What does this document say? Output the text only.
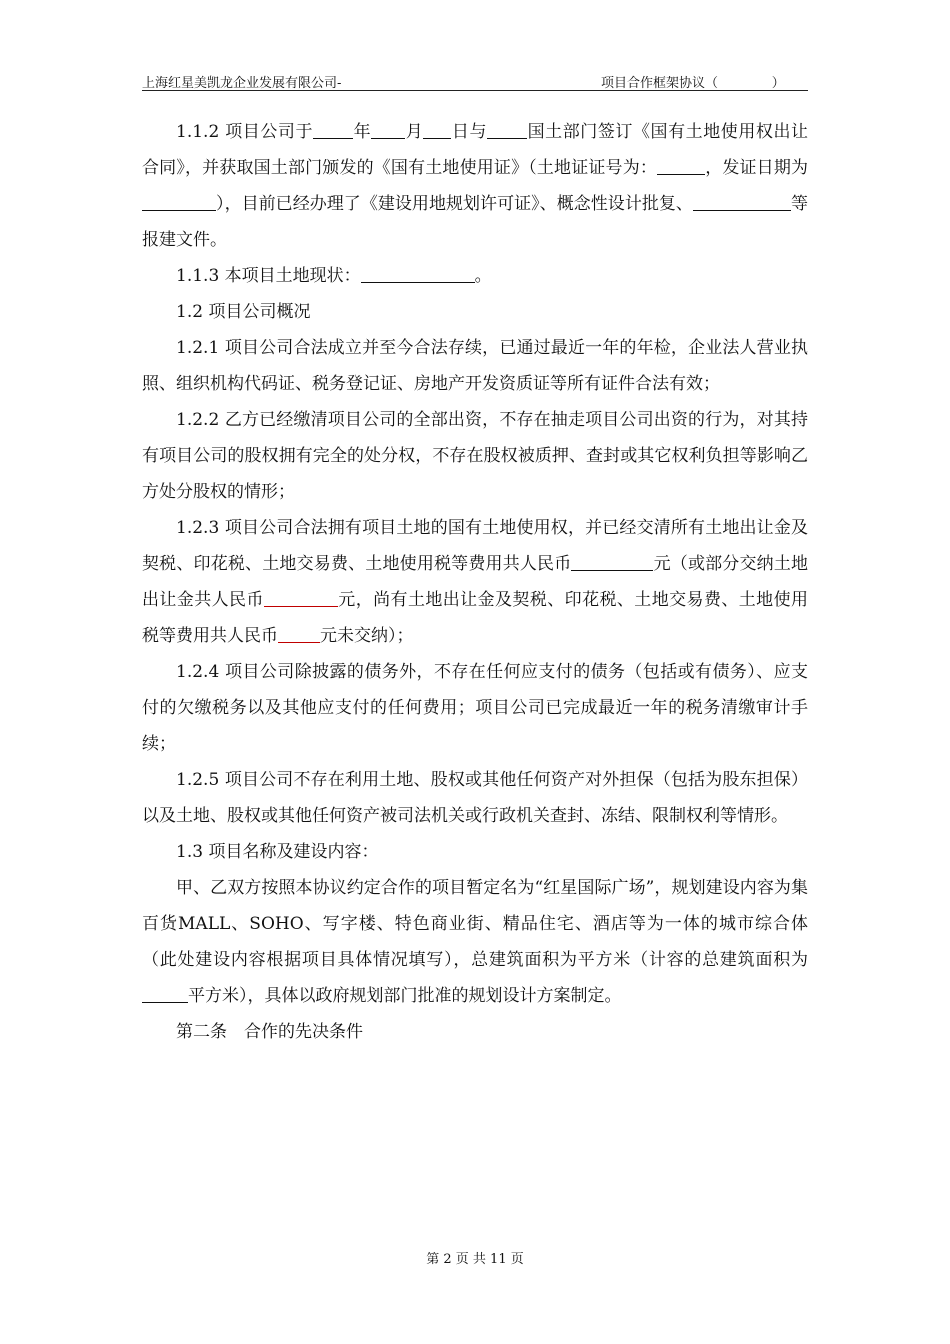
上海红星美凯龙企业发展有限公司-	项目合作框架协议（             ）

1.1.2 项目公司于 年 月 日与 国土部门签订《国有土地使用权出让合同》，并获取国土部门颁发的《国有土地使用证》（土地证证号为：	，发证日期为），目前已经办理了《建设用地规划许可证》、概念性设计批复、	等报建文件。

1.1.3 本项目土地现状：	。

1.2 项目公司概况

1.2.1 项目公司合法成立并至今合法存续，已通过最近一年的年检，企业法人营业执照、组织机构代码证、税务登记证、房地产开发资质证等所有证件合法有效；

1.2.2 乙方已经缴清项目公司的全部出资，不存在抽走项目公司出资的行为，对其持有项目公司的股权拥有完全的处分权，不存在股权被质押、查封或其它权利负担等影响乙方处分股权的情形；

1.2.3 项目公司合法拥有项目土地的国有土地使用权，并已经交清所有土地出让金及契税、印花税、土地交易费、土地使用税等费用共人民币	元（或部分交纳土地出让金共人民币	元，尚有土地出让金及契税、印花税、土地交易费、土地使用税等费用共人民币 元未交纳）；

1.2.4 项目公司除披露的债务外，不存在任何应支付的债务（包括或有债务）、应支付的欠缴税务以及其他应支付的任何费用；项目公司已完成最近一年的税务清缴审计手续；

1.2.5 项目公司不存在利用土地、股权或其他任何资产对外担保（包括为股东担保）以及土地、股权或其他任何资产被司法机关或行政机关查封、冻结、限制权利等情形。

1.3 项目名称及建设内容：

甲、乙双方按照本协议约定合作的项目暂定名为“红星国际广场”，规划建设内容为集百货MALL、SOHO、写字楼、特色商业街、精品住宅、酒店等为一体的城市综合体（此处建设内容根据项目具体情况填写），总建筑面积为平方米（计容的总建筑面积为平方米），具体以政府规划部门批准的规划设计方案制定。

第二条　合作的先决条件

第 2 页 共 11 页
